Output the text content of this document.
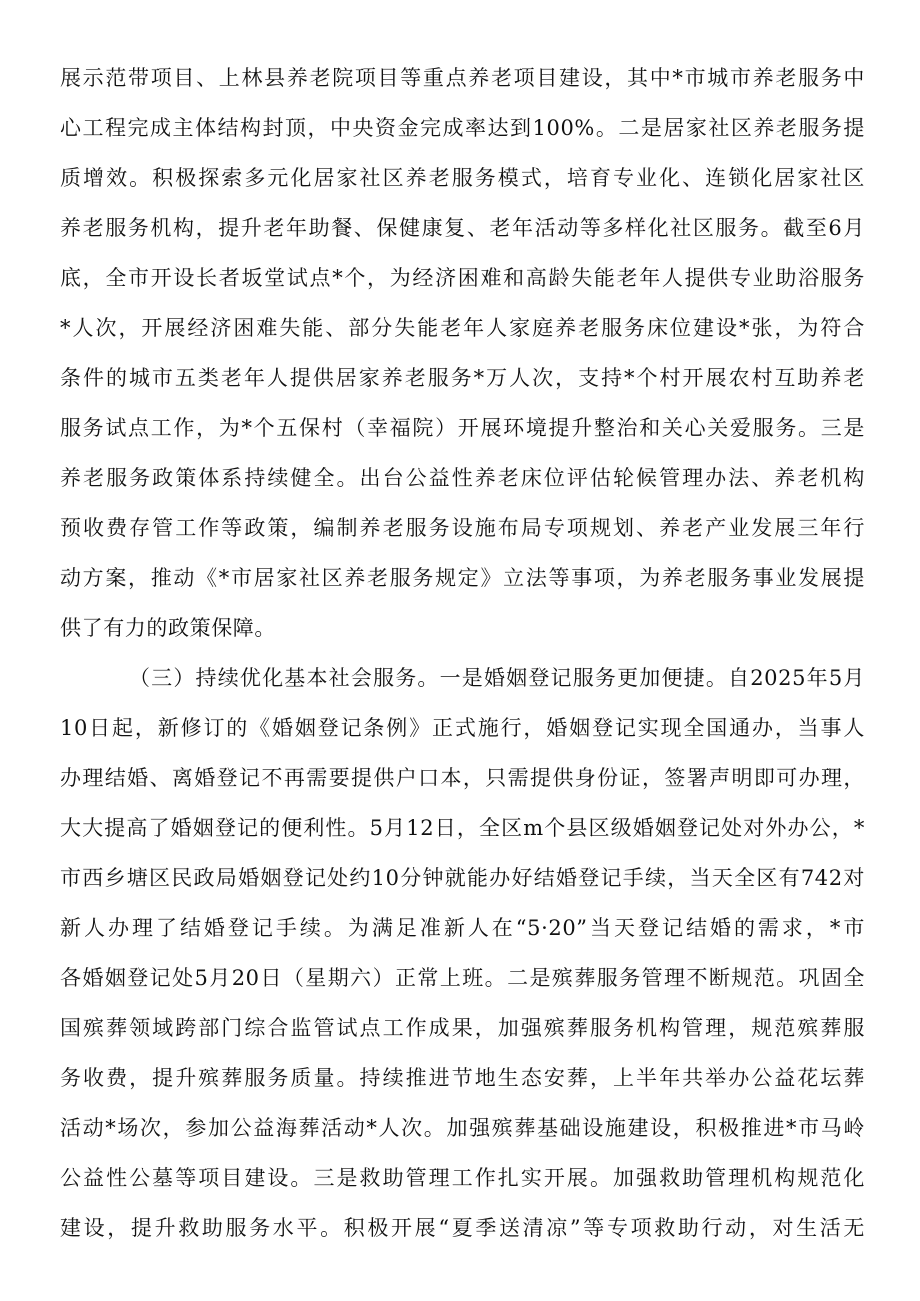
展示范带项目、上林县养老院项目等重点养老项目建设，其中*市城市养老服务中
心工程完成主体结构封顶，中央资金完成率达到100%。二是居家社区养老服务提
质增效。积极探索多元化居家社区养老服务模式，培育专业化、连锁化居家社区
养老服务机构，提升老年助餐、保健康复、老年活动等多样化社区服务。截至6月
底，全市开设长者坂堂试点*个，为经济困难和高龄失能老年人提供专业助浴服务
*人次，开展经济困难失能、部分失能老年人家庭养老服务床位建设*张，为符合
条件的城市五类老年人提供居家养老服务*万人次，支持*个村开展农村互助养老
服务试点工作，为*个五保村（幸福院）开展环境提升整治和关心关爱服务。三是
养老服务政策体系持续健全。出台公益性养老床位评估轮候管理办法、养老机构
预收费存管工作等政策，编制养老服务设施布局专项规划、养老产业发展三年行
动方案，推动《*市居家社区养老服务规定》立法等事项，为养老服务事业发展提
供了有力的政策保障。
（三）持续优化基本社会服务。一是婚姻登记服务更加便捷。自2025年5月
10日起，新修订的《婚姻登记条例》正式施行，婚姻登记实现全国通办，当事人
办理结婚、离婚登记不再需要提供户口本，只需提供身份证，签署声明即可办理，
大大提高了婚姻登记的便利性。5月12日，全区m个县区级婚姻登记处对外办公，*
市西乡塘区民政局婚姻登记处约10分钟就能办好结婚登记手续，当天全区有742对
新人办理了结婚登记手续。为满足准新人在“5·20”当天登记结婚的需求，*市
各婚姻登记处5月20日（星期六）正常上班。二是殡葬服务管理不断规范。巩固全
国殡葬领域跨部门综合监管试点工作成果，加强殡葬服务机构管理，规范殡葬服
务收费，提升殡葬服务质量。持续推进节地生态安葬，上半年共举办公益花坛葬
活动*场次，参加公益海葬活动*人次。加强殡葬基础设施建设，积极推进*市马岭
公益性公墓等项目建设。三是救助管理工作扎实开展。加强救助管理机构规范化
建设，提升救助服务水平。积极开展“夏季送清凉”等专项救助行动，对生活无
